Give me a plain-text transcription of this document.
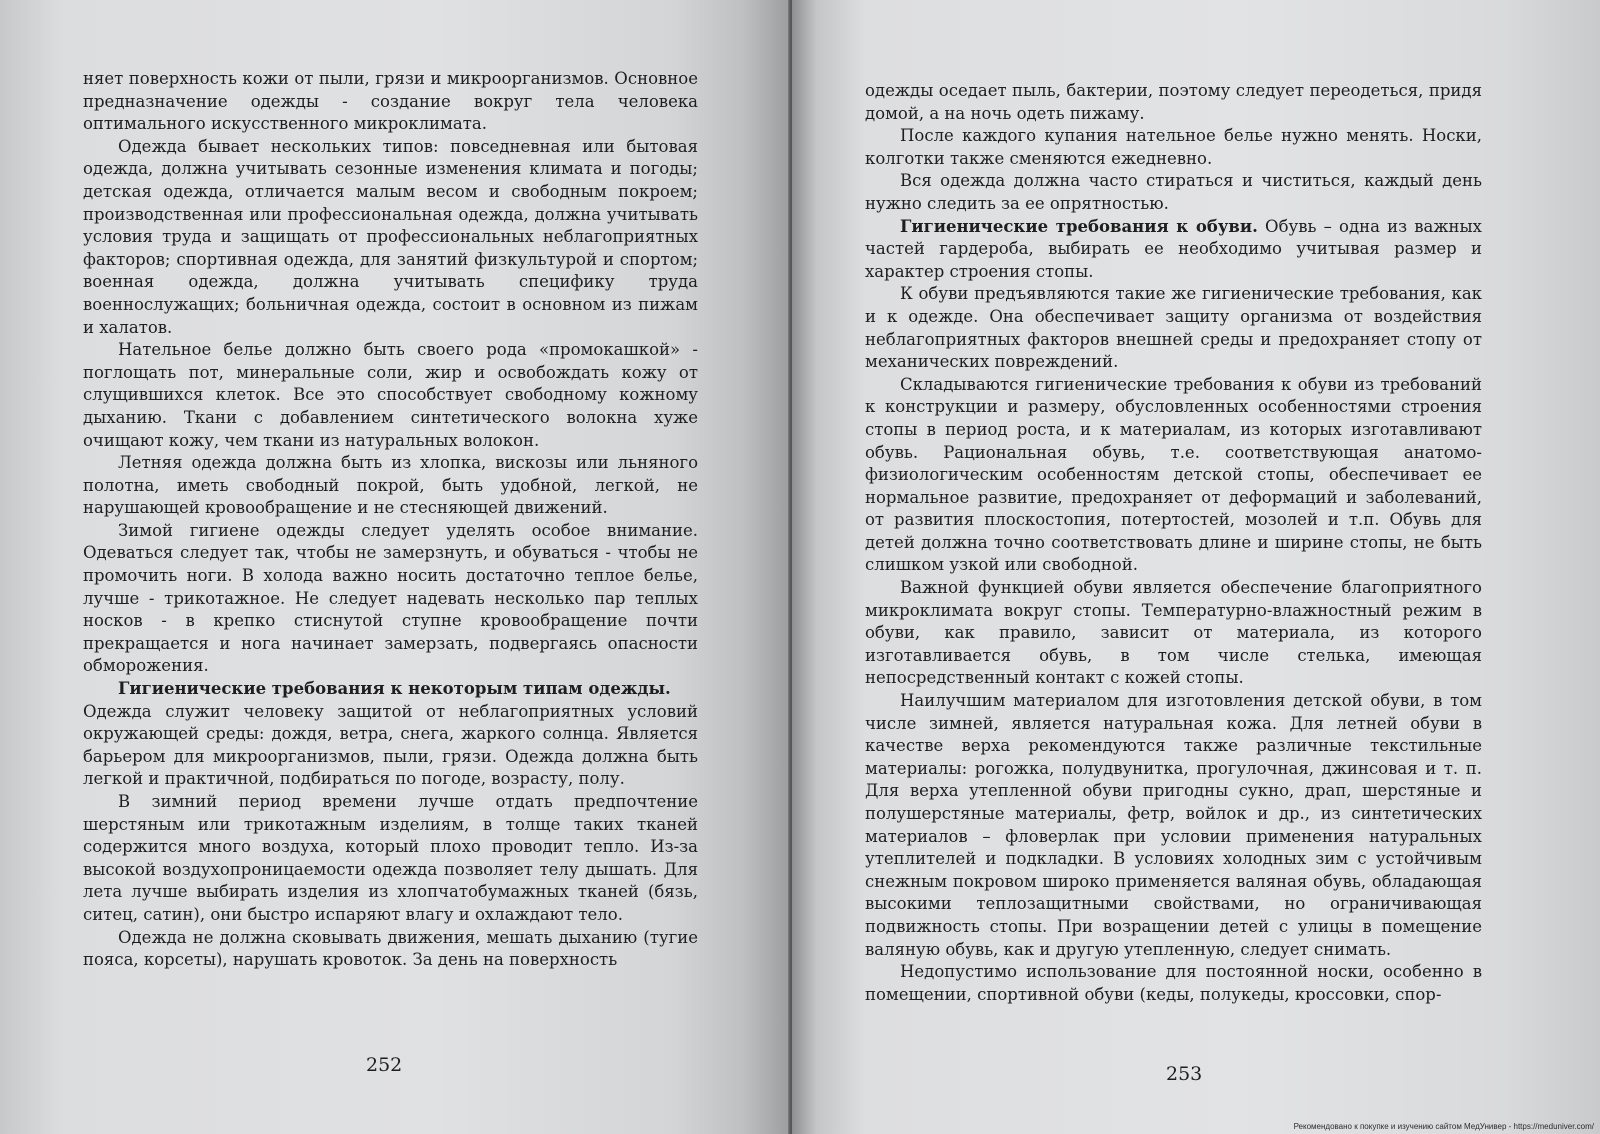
няет поверхность кожи от пыли, грязи и микроорганизмов. Основное предназначение одежды - создание вокруг тела человека оптимального искусственного микроклимата.

Одежда бывает нескольких типов: повседневная или бытовая одежда, должна учитывать сезонные изменения климата и погоды; детская одежда, отличается малым весом и свободным покроем; производственная или профессиональная одежда, должна учитывать условия труда и защищать от профессиональных неблагоприятных факторов; спортивная одежда, для занятий физкультурой и спортом; военная одежда, должна учитывать специфику труда военнослужащих; больничная одежда, состоит в основном из пижам и халатов.

Нательное белье должно быть своего рода «промокашкой» - поглощать пот, минеральные соли, жир и освобождать кожу от слущившихся клеток. Все это способствует свободному кожному дыханию. Ткани с добавлением синтетического волокна хуже очищают кожу, чем ткани из натуральных волокон.

Летняя одежда должна быть из хлопка, вискозы или льняного полотна, иметь свободный покрой, быть удобной, легкой, не нарушающей кровообращение и не стесняющей движений.

Зимой гигиене одежды следует уделять особое внимание. Одеваться следует так, чтобы не замерзнуть, и обуваться - чтобы не промочить ноги. В холода важно носить достаточно теплое белье, лучше - трикотажное. Не следует надевать несколько пар теплых носков - в крепко стиснутой ступне кровообращение почти прекращается и нога начинает замерзать, подвергаясь опасности обморожения.

Гигиенические требования к некоторым типам одежды.

Одежда служит человеку защитой от неблагоприятных условий окружающей среды: дождя, ветра, снега, жаркого солнца. Является барьером для микроорганизмов, пыли, грязи. Одежда должна быть легкой и практичной, подбираться по погоде, возрасту, полу.

В зимний период времени лучше отдать предпочтение шерстяным или трикотажным изделиям, в толще таких тканей содержится много воздуха, который плохо проводит тепло. Из-за высокой воздухопроницаемости одежда позволяет телу дышать. Для лета лучше выбирать изделия из хлопчатобумажных тканей (бязь, ситец, сатин), они быстро испаряют влагу и охлаждают тело.

Одежда не должна сковывать движения, мешать дыханию (тугие пояса, корсеты), нарушать кровоток. За день на поверхность

252

одежды оседает пыль, бактерии, поэтому следует переодеться, придя домой, а на ночь одеть пижаму.

После каждого купания нательное белье нужно менять. Носки, колготки также сменяются ежедневно.

Вся одежда должна часто стираться и чиститься, каждый день нужно следить за ее опрятностью.

Гигиенические требования к обуви. Обувь – одна из важных частей гардероба, выбирать ее необходимо учитывая размер и характер строения стопы.

К обуви предъявляются такие же гигиенические требования, как и к одежде. Она обеспечивает защиту организма от воздействия неблагоприятных факторов внешней среды и предохраняет стопу от механических повреждений.

Складываются гигиенические требования к обуви из требований к конструкции и размеру, обусловленных особенностями строения стопы в период роста, и к материалам, из которых изготавливают обувь. Рациональная обувь, т.е. соответствующая анатомо-физиологическим особенностям детской стопы, обеспечивает ее нормальное развитие, предохраняет от деформаций и заболеваний, от развития плоскостопия, потертостей, мозолей и т.п. Обувь для детей должна точно соответствовать длине и ширине стопы, не быть слишком узкой или свободной.

Важной функцией обуви является обеспечение благоприятного микроклимата вокруг стопы. Температурно-влажностный режим в обуви, как правило, зависит от материала, из которого изготавливается обувь, в том числе стелька, имеющая непосредственный контакт с кожей стопы.

Наилучшим материалом для изготовления детской обуви, в том числе зимней, является натуральная кожа. Для летней обуви в качестве верха рекомендуются также различные текстильные материалы: рогожка, полудвунитка, прогулочная, джинсовая и т. п. Для верха утепленной обуви пригодны сукно, драп, шерстяные и полушерстяные материалы, фетр, войлок и др., из синтетических материалов – фловерлак при условии применения натуральных утеплителей и подкладки. В условиях холодных зим с устойчивым снежным покровом широко применяется валяная обувь, обладающая высокими теплозащитными свойствами, но ограничивающая подвижность стопы. При возращении детей с улицы в помещение валяную обувь, как и другую утепленную, следует снимать.

Недопустимо использование для постоянной носки, особенно в помещении, спортивной обуви (кеды, полукеды, кроссовки, спор-

253
Рекомендовано к покупке и изучению сайтом МедУнивер - https://meduniver.com/
